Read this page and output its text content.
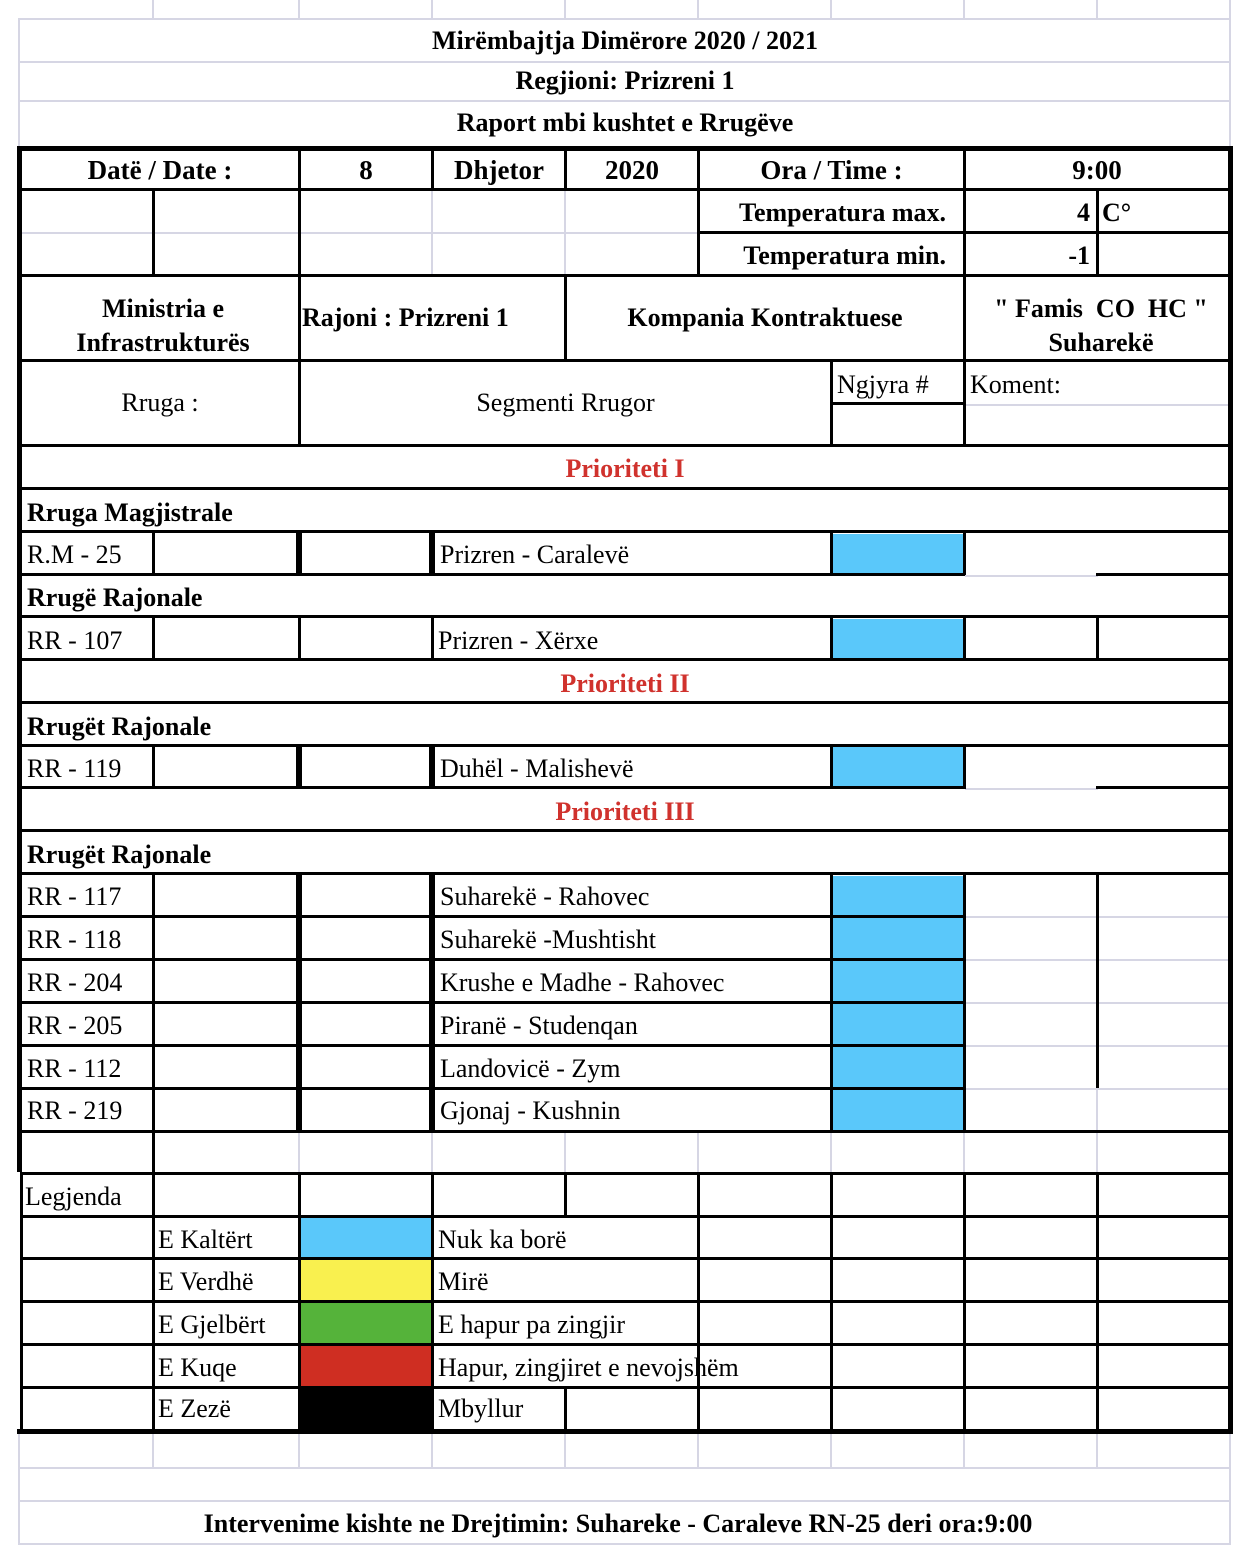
Mirëmbajtja Dimërore 2020 / 2021
Regjioni: Prizreni 1
Raport mbi kushtet e Rrugëve
Datë / Date :	8	Dhjetor	2020	Ora / Time :	9:00
Temperatura max.	4 C°
Temperatura min.	-1
Ministria e Infrastrukturës
Rajoni : Prizreni 1	Kompania Kontraktuese	" Famis  CO  HC " Suharekë
Rruga :	Segmenti Rrugor
Ngjyra # Koment:
Prioriteti I
Rruga Magjistrale
R.M - 25	Prizren - Caralevë
Rrugë Rajonale
RR - 107	Prizren - Xërxe
Prioriteti II
Rrugët Rajonale
RR - 119	Duhël - Malishevë
Prioriteti III
Rrugët Rajonale
RR - 117	Suharekë - Rahovec
RR - 118	Suharekë -Mushtisht
RR - 204	Krushe e Madhe - Rahovec
RR - 205	Piranë - Studenqan
RR - 112	Landovicë - Zym
RR - 219	Gjonaj - Kushnin
Legjenda
E Kaltërt	Nuk ka borë
E Verdhë	Mirë
E Gjelbërt	E hapur pa zingjir
E Kuqe	Hapur, zingjiret e nevojshëm
E Zezë	Mbyllur
Intervenime kishte ne Drejtimin: Suhareke - Caraleve RN-25 deri ora:9:00
